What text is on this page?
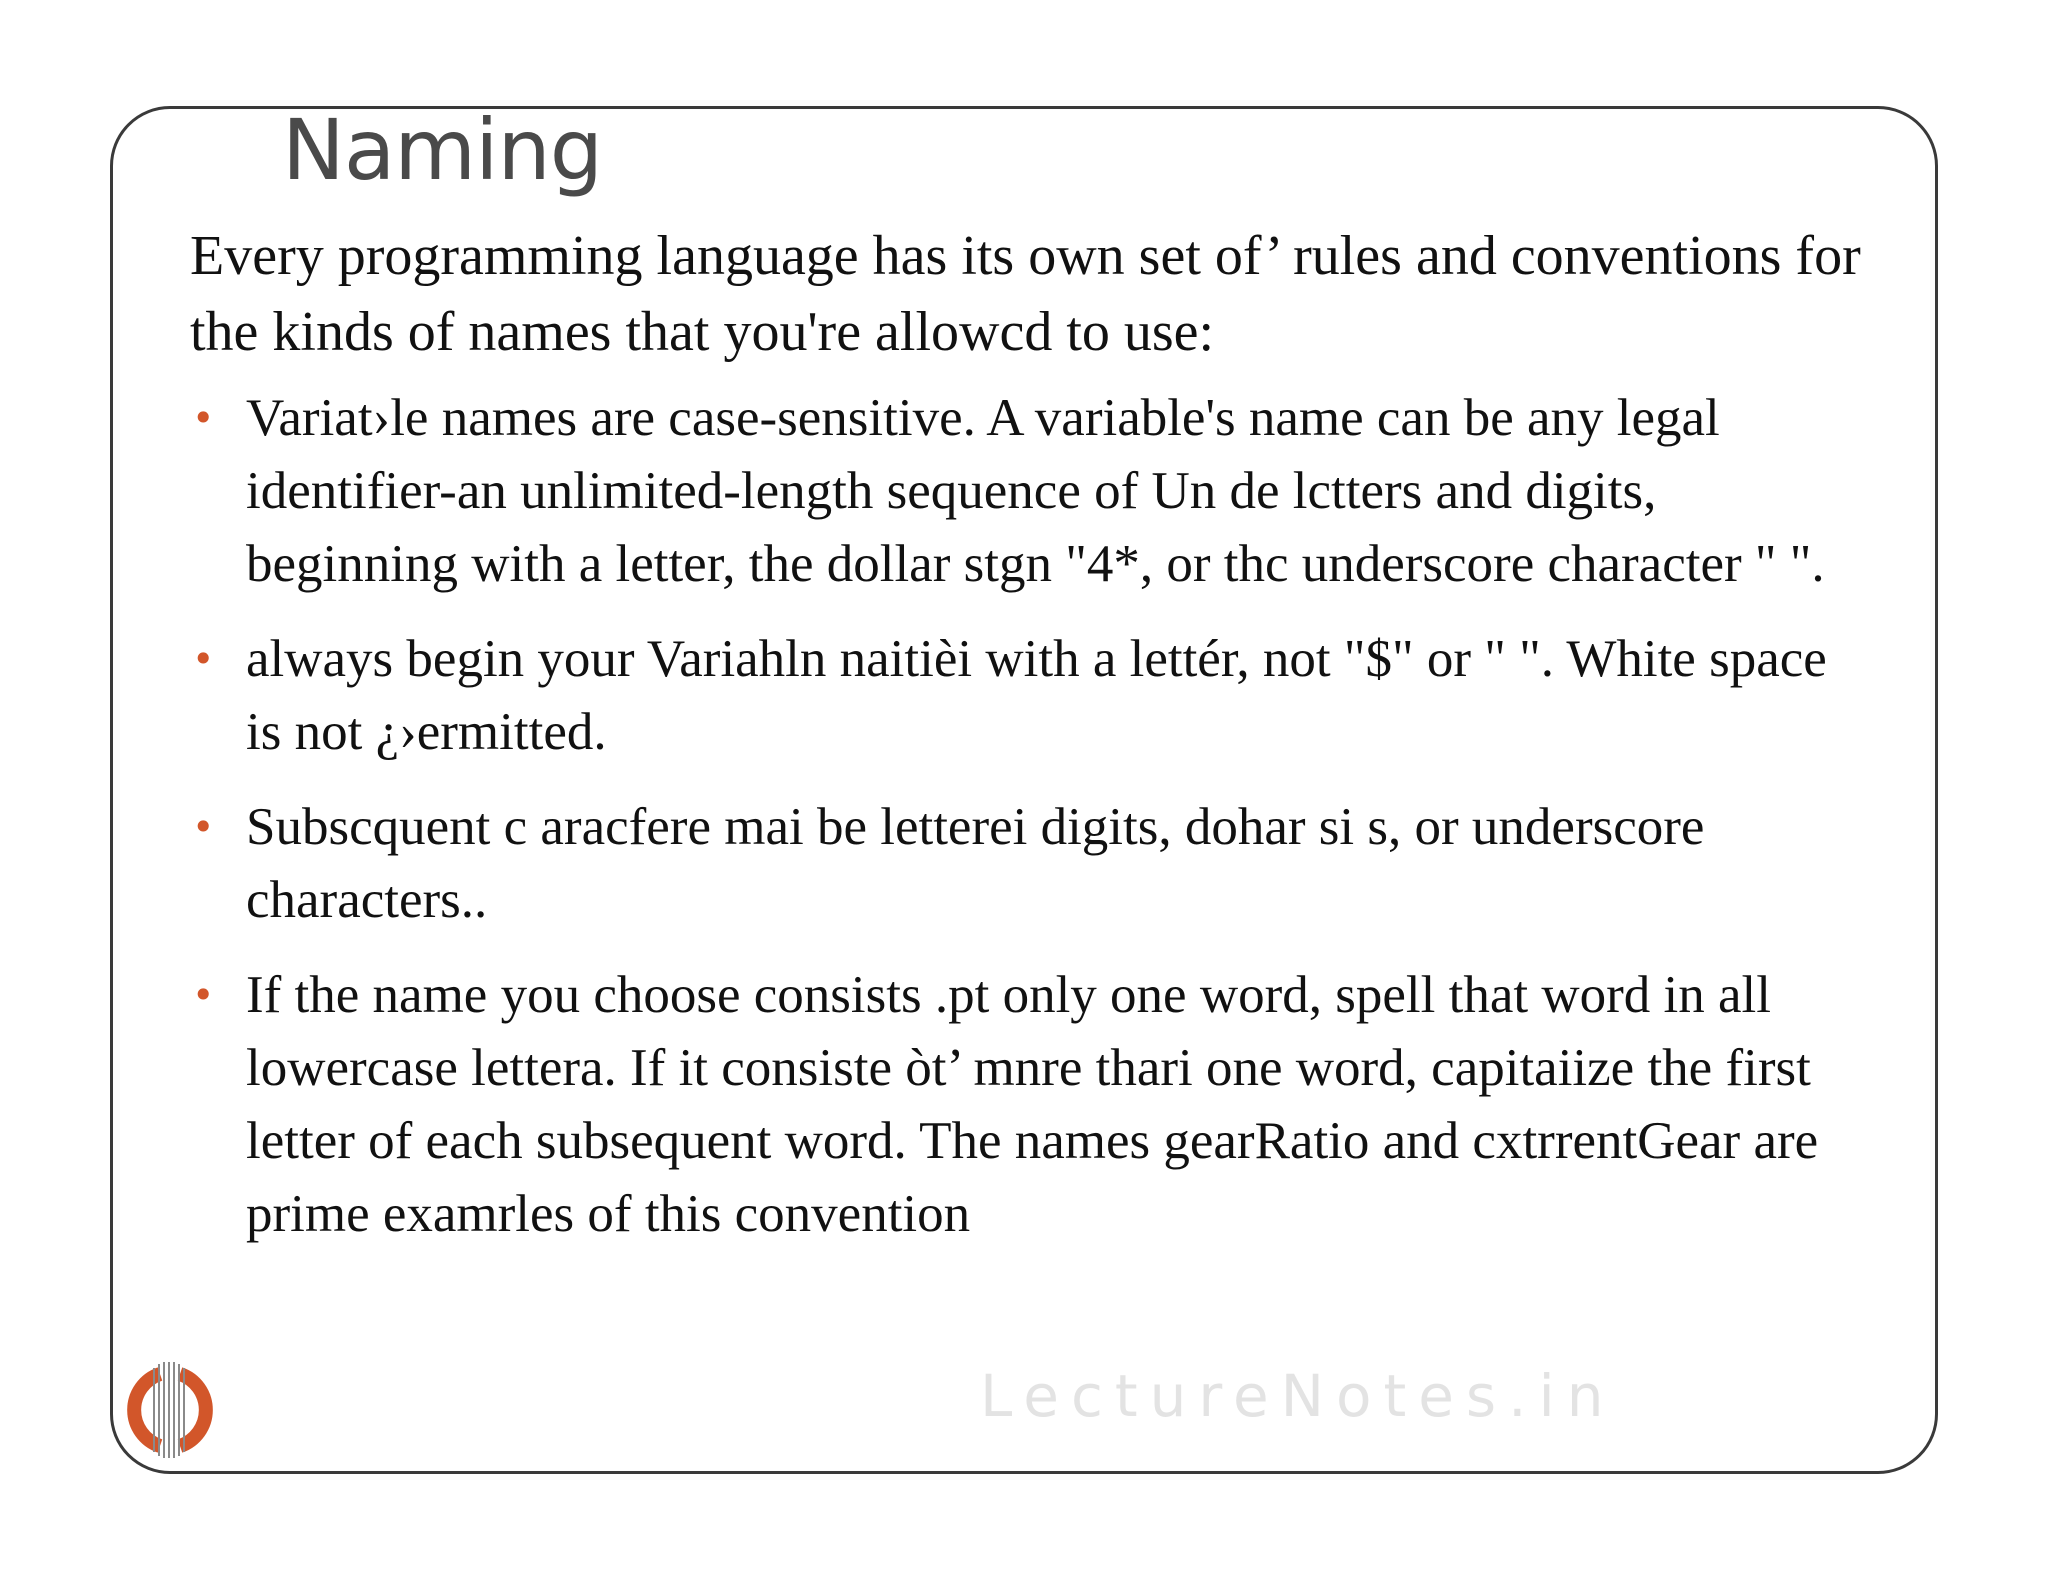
Naming

Every programming language has its own set of’ rules and conventions for the kinds of names that you're allowcd to use:

• Variat›le names are case-sensitive. A variable's name can be any legal identifier-an unlimited-length sequence of Un de lctters and digits, beginning with a letter, the dollar stgn "4*, or thc underscore character " ".
• always begin your Variahln naitièi with a lettér, not "$" or " ". White space is not ¿›ermitted.
• Subscquent c aracfere mai be letterei digits, dohar si s, or underscore characters..
• If the name you choose consists .pt only one word, spell that word in all lowercase lettera. If it consiste òt’ mnre thari one word, capitaiize the first letter of each subsequent word. The names gearRatio and cxtrrentGear are prime examrles of this convention
LectureNotes.in
